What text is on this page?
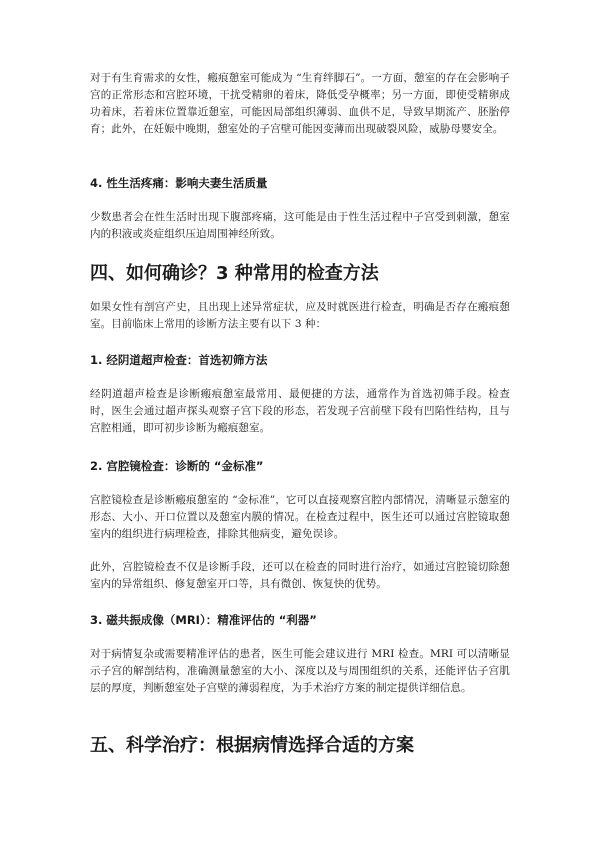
对于有生育需求的女性，瘢痕憩室可能成为 “生育绊脚石”。一方面，憩室的存在会影响子宫的正常形态和宫腔环境，干扰受精卵的着床，降低受孕概率；另一方面，即使受精卵成功着床，若着床位置靠近憩室，可能因局部组织薄弱、血供不足，导致早期流产、胚胎停育；此外，在妊娠中晚期，憩室处的子宫壁可能因变薄而出现破裂风险，威胁母婴安全。

4. 性生活疼痛：影响夫妻生活质量

少数患者会在性生活时出现下腹部疼痛，这可能是由于性生活过程中子宫受到刺激，憩室内的积液或炎症组织压迫周围神经所致。

四、如何确诊？3 种常用的检查方法

如果女性有剖宫产史，且出现上述异常症状，应及时就医进行检查，明确是否存在瘢痕憩室。目前临床上常用的诊断方法主要有以下 3 种：

1. 经阴道超声检查：首选初筛方法

经阴道超声检查是诊断瘢痕憩室最常用、最便捷的方法，通常作为首选初筛手段。检查时，医生会通过超声探头观察子宫下段的形态，若发现子宫前壁下段有凹陷性结构，且与宫腔相通，即可初步诊断为瘢痕憩室。

2. 宫腔镜检查：诊断的 “金标准”

宫腔镜检查是诊断瘢痕憩室的 “金标准”，它可以直接观察宫腔内部情况，清晰显示憩室的形态、大小、开口位置以及憩室内膜的情况。在检查过程中，医生还可以通过宫腔镜取憩室内的组织进行病理检查，排除其他病变，避免误诊。

此外，宫腔镜检查不仅是诊断手段，还可以在检查的同时进行治疗，如通过宫腔镜切除憩室内的异常组织、修复憩室开口等，具有微创、恢复快的优势。

3. 磁共振成像（MRI）：精准评估的 “利器”

对于病情复杂或需要精准评估的患者，医生可能会建议进行 MRI 检查。MRI 可以清晰显示子宫的解剖结构，准确测量憩室的大小、深度以及与周围组织的关系，还能评估子宫肌层的厚度，判断憩室处子宫壁的薄弱程度，为手术治疗方案的制定提供详细信息。

五、科学治疗：根据病情选择合适的方案
